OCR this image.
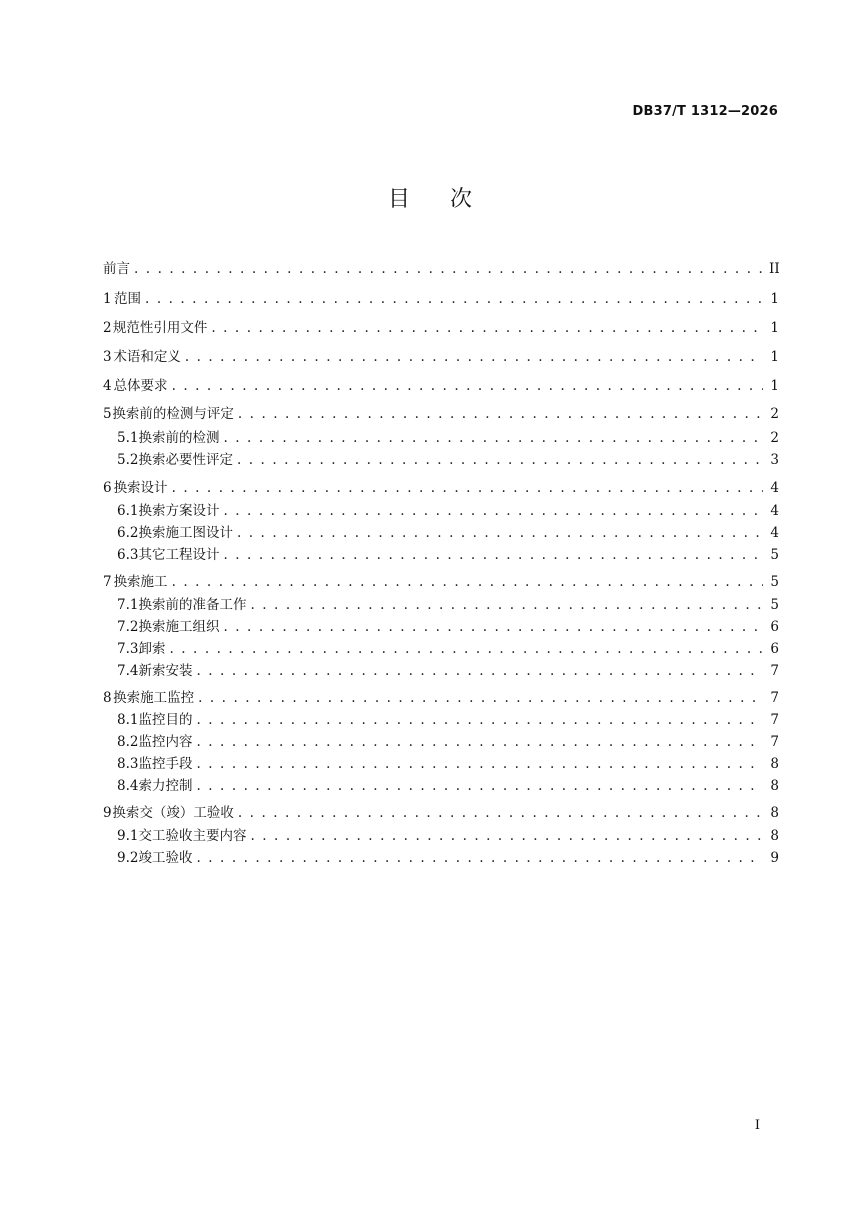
DB37/T 1312—2026
目 次
前言 . . .	II
1 范围 . . .	1
2 规范性引用文件 . . .	1
3 术语和定义 . . .	1
4 总体要求 . . .	1
5 换索前的检测与评定 . . .	2
5.1 换索前的检测 . . .	2
5.2 换索必要性评定 . . .	3
6 换索设计 . . .	4
6.1 换索方案设计 . . .	4
6.2 换索施工图设计 . . .	4
6.3 其它工程设计 . . .	5
7 换索施工 . . .	5
7.1 换索前的准备工作 . . .	5
7.2 换索施工组织 . . .	6
7.3 卸索 . . .	6
7.4 新索安装 . . .	7
8 换索施工监控 . . .	7
8.1 监控目的 . . .	7
8.2 监控内容 . . .	7
8.3 监控手段 . . .	8
8.4 索力控制 . . .	8
9 换索交（竣）工验收 . . .	8
9.1 交工验收主要内容 . . .	8
9.2 竣工验收 . . .	9
I
